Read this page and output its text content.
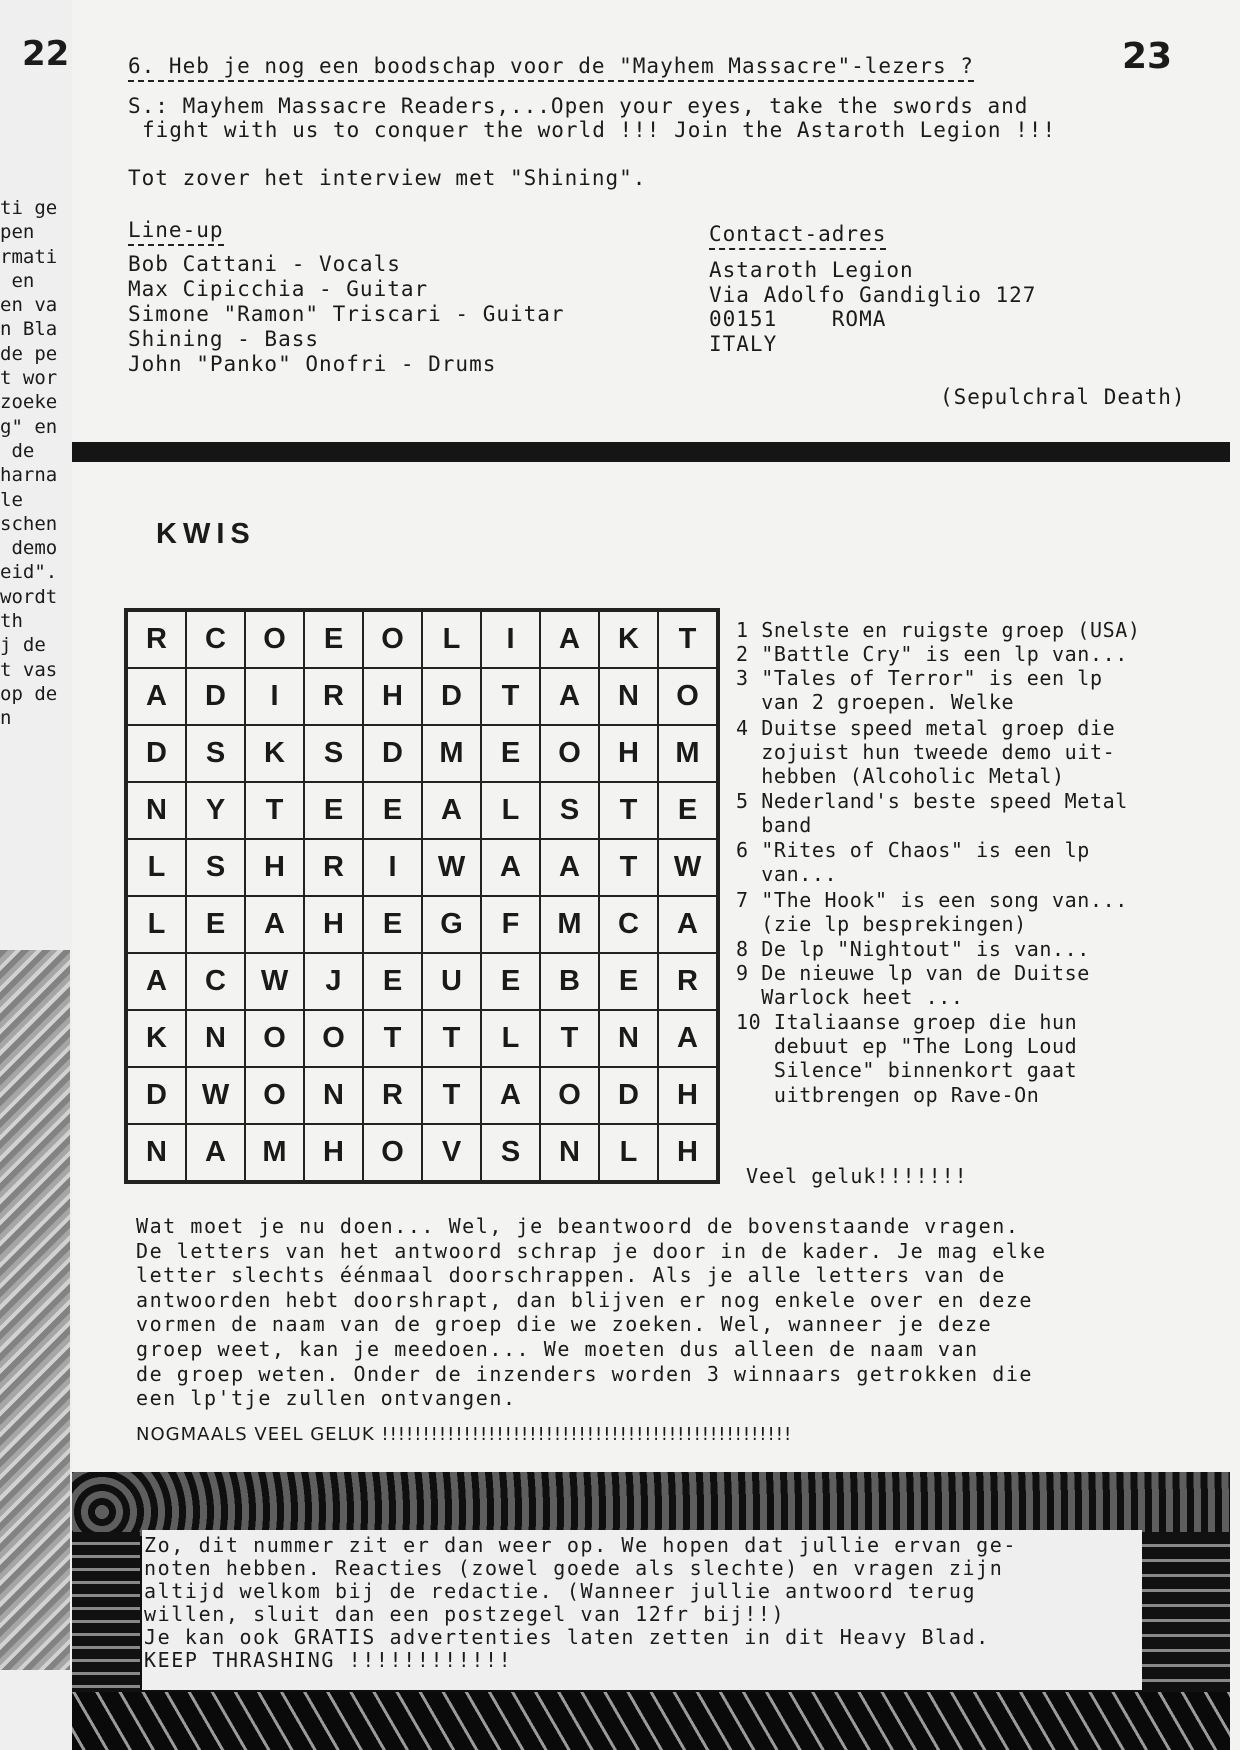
22
ti ge
pen
rmati
en
en va
n Bla
de pe
t wor
zoeke
g" en
de
harna
le
schen
demo
eid".
wordt
th
j de
t vas
op de
n
23
6. Heb je nog een boodschap voor de "Mayhem Massacre"-lezers ?
S.: Mayhem Massacre Readers,...Open your eyes, take the swords and
fight with us to conquer the world !!! Join the Astaroth Legion !!!
Tot zover het interview met "Shining".
Line-up
Bob Cattani - Vocals
Max Cipicchia - Guitar
Simone "Ramon" Triscari - Guitar
Shining - Bass
John "Panko" Onofri - Drums
Contact-adres
Astaroth Legion
Via Adolfo Gandiglio 127
00151    ROMA
ITALY
(Sepulchral Death)
KWIS
R	C	O	E	O	L	I	A	K	T
A	D	I	R	H	D	T	A	N	O
D	S	K	S	D	M	E	O	H	M
N	Y	T	E	E	A	L	S	T	E
L	S	H	R	I	W	A	A	T	W
L	E	A	H	E	G	F	M	C	A
A	C	W	J	E	U	E	B	E	R
K	N	O	O	T	T	L	T	N	A
D	W	O	N	R	T	A	O	D	H
N	A	M	H	O	V	S	N	L	H
1 Snelste en ruigste groep (USA)
2 "Battle Cry" is een lp van...
3 "Tales of Terror" is een lp
van 2 groepen. Welke
4 Duitse speed metal groep die
zojuist hun tweede demo uit-
hebben (Alcoholic Metal)
5 Nederland's beste speed Metal
band
6 "Rites of Chaos" is een lp
van...
7 "The Hook" is een song van...
(zie lp besprekingen)
8 De lp "Nightout" is van...
9 De nieuwe lp van de Duitse
Warlock heet ...
10 Italiaanse groep die hun
debuut ep "The Long Loud
Silence" binnenkort gaat
uitbrengen op Rave-On
Veel geluk!!!!!!!
Wat moet je nu doen... Wel, je beantwoord de bovenstaande vragen.
De letters van het antwoord schrap je door in de kader. Je mag elke
letter slechts éénmaal doorschrappen. Als je alle letters van de
antwoorden hebt doorshrapt, dan blijven er nog enkele over en deze
vormen de naam van de groep die we zoeken. Wel, wanneer je deze
groep weet, kan je meedoen... We moeten dus alleen de naam van
de groep weten. Onder de inzenders worden 3 winnaars getrokken die
een lp'tje zullen ontvangen.
NOGMAALS VEEL GELUK !!!!!!!!!!!!!!!!!!!!!!!!!!!!!!!!!!!!!!!!!!!!!!!!!!
Zo, dit nummer zit er dan weer op. We hopen dat jullie ervan ge-
noten hebben. Reacties (zowel goede als slechte) en vragen zijn
altijd welkom bij de redactie. (Wanneer jullie antwoord terug
willen, sluit dan een postzegel van 12fr bij!!)
Je kan ook GRATIS advertenties laten zetten in dit Heavy Blad.
KEEP THRASHING !!!!!!!!!!!!
